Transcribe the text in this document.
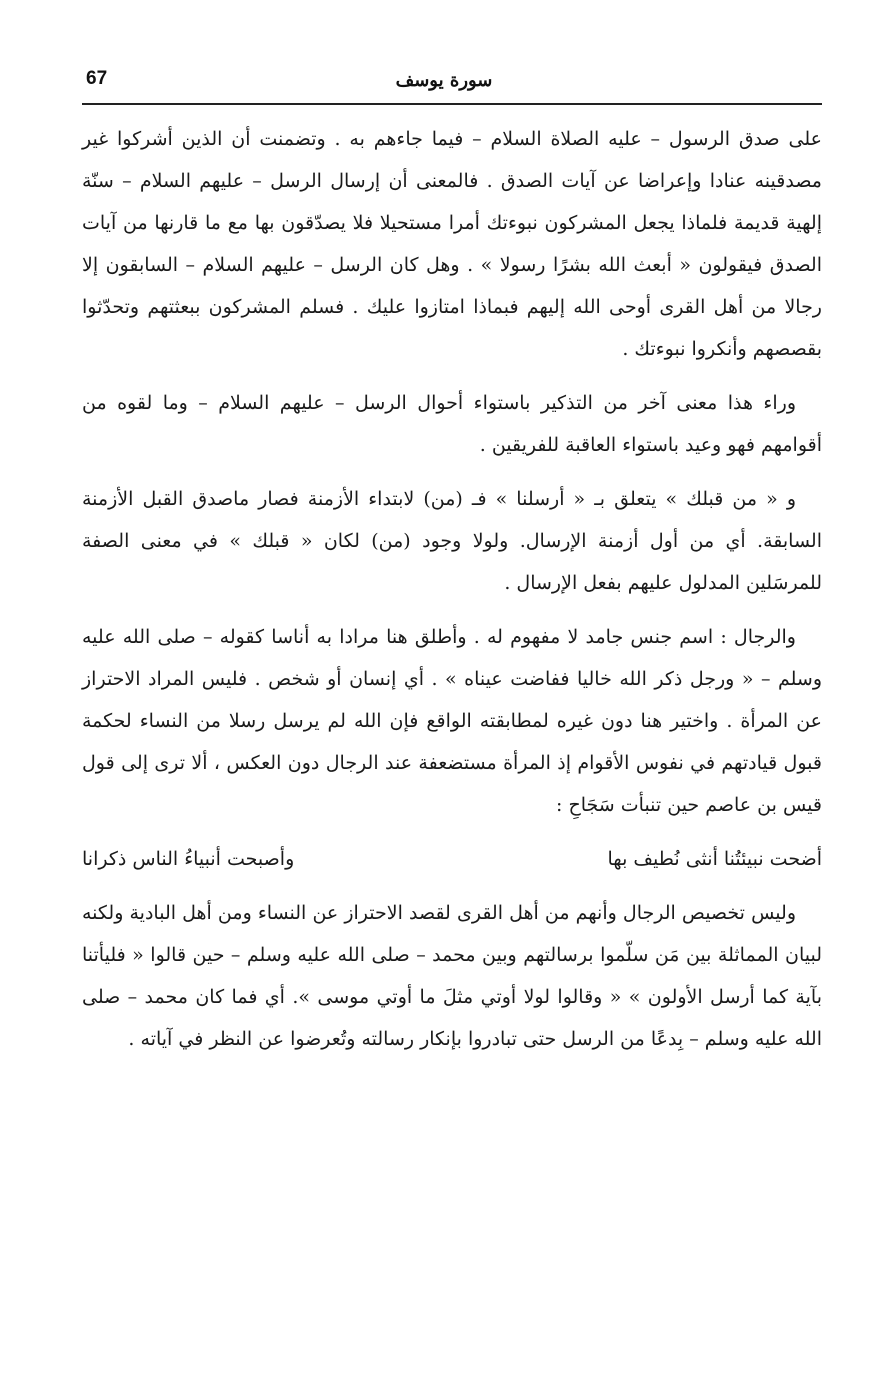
67	سورة يوسف

على صدق الرسول – عليه الصلاة السلام – فيما جاءهم به . وتضمنت أن الذين أشركوا غير مصدقينه عنادا وإعراضا عن آيات الصدق . فالمعنى أن إرسال الرسل – عليهم السلام – سنّة إلهية قديمة فلماذا يجعل المشركون نبوءتك أمرا مستحيلا فلا يصدّقون بها مع ما قارنها من آيات الصدق فيقولون « أبعث الله بشرًا رسولا » . وهل كان الرسل – عليهم السلام – السابقون إلا رجالا من أهل القرى أوحى الله إليهم فبماذا امتازوا عليك . فسلم المشركون ببعثتهم وتحدّثوا بقصصهم وأنكروا نبوءتك .

وراء هذا معنى آخر من التذكير باستواء أحوال الرسل – عليهم السلام – وما لقوه من أقوامهم فهو وعيد باستواء العاقبة للفريقين .

و « من قبلك » يتعلق بـ « أرسلنا » فـ (من) لابتداء الأزمنة فصار ماصدق القبل الأزمنة السابقة. أي من أول أزمنة الإرسال. ولولا وجود (من) لكان « قبلك » في معنى الصفة للمرسَلين المدلول عليهم بفعل الإرسال .

والرجال : اسم جنس جامد لا مفهوم له . وأطلق هنا مرادا به أناسا كقوله – صلى الله عليه وسلم – « ورجل ذكر الله خاليا ففاضت عيناه » . أي إنسان أو شخص . فليس المراد الاحتراز عن المرأة . واختير هنا دون غيره لمطابقته الواقع فإن الله لم يرسل رسلا من النساء لحكمة قبول قيادتهم في نفوس الأقوام إذ المرأة مستضعفة عند الرجال دون العكس ، ألا ترى إلى قول قيس بن عاصم حين تنبأت سَجَاحِ :

أضحت نبيئتُنا أنثى نُطيف بها
وأصبحت أنبياءُ الناس ذكرانا

وليس تخصيص الرجال وأنهم من أهل القرى لقصد الاحتراز عن النساء ومن أهل البادية ولكنه لبيان المماثلة بين مَن سلّموا برسالتهم وبين محمد – صلى الله عليه وسلم – حين قالوا « فليأتنا بآية كما أرسل الأولون » « وقالوا لولا أوتي مثلَ ما أوتي موسى ». أي فما كان محمد – صلى الله عليه وسلم – بِدعًا من الرسل حتى تبادروا بإنكار رسالته وتُعرضوا عن النظر في آياته .
